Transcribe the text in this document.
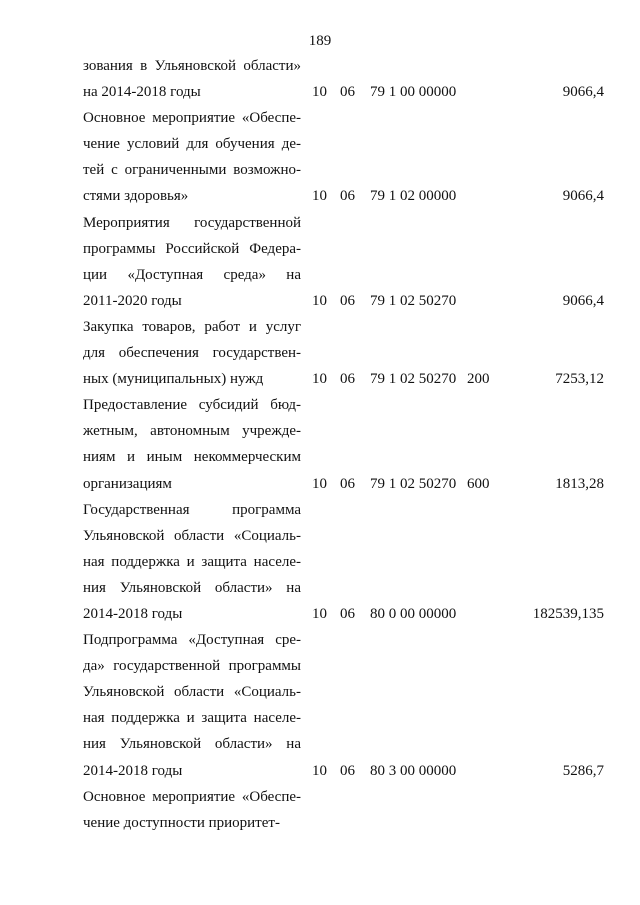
189
зования в Ульяновской области»
на 2014-2018 годы	10 06 79 1 00 00000	9066,4
Основное мероприятие «Обеспе-
чение условий для обучения де-
тей с ограниченными возможно-
стями здоровья»	10 06 79 1 02 00000	9066,4
Мероприятия государственной
программы Российской Федера-
ции «Доступная среда» на
2011-2020 годы	10 06 79 1 02 50270	9066,4
Закупка товаров, работ и услуг
для обеспечения государствен-
ных (муниципальных) нужд	10 06 79 1 02 50270 200	7253,12
Предоставление субсидий бюд-
жетным, автономным учрежде-
ниям и иным некоммерческим
организациям	10 06 79 1 02 50270 600	1813,28
Государственная программа
Ульяновской области «Социаль-
ная поддержка и защита населе-
ния Ульяновской области» на
2014-2018 годы	10 06 80 0 00 00000	182539,135
Подпрограмма «Доступная сре-
да» государственной программы
Ульяновской области «Социаль-
ная поддержка и защита населе-
ния Ульяновской области» на
2014-2018 годы	10 06 80 3 00 00000	5286,7
Основное мероприятие «Обеспе-
чение доступности приоритет-
